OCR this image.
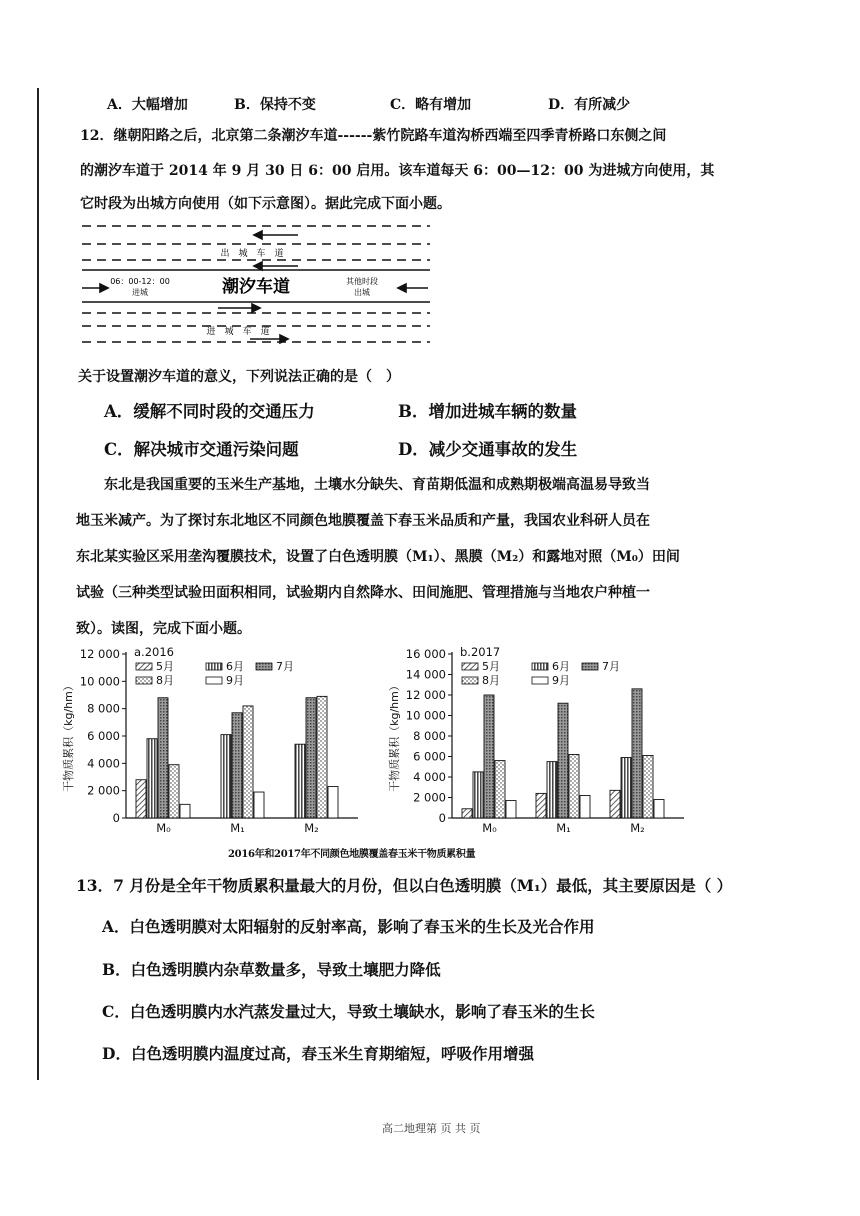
A．大幅增加	B．保持不变	C．略有增加	D．有所减少
12．继朝阳路之后，北京第二条潮汐车道------紫竹院路车道沟桥西端至四季青桥路口东侧之间
的潮汐车道于 2014 年 9 月 30 日 6：00 启用。该车道每天 6：00—12：00 为进城方向使用，其
它时段为出城方向使用（如下示意图）。据此完成下面小题。
出　城　车　道
潮汐车道
06：00-12：00
进城
其他时段
出城
进　城　车　道
关于设置潮汐车道的意义，下列说法正确的是（　）
A．缓解不同时段的交通压力	B．增加进城车辆的数量
C．解决城市交通污染问题	D．减少交通事故的发生
东北是我国重要的玉米生产基地，土壤水分缺失、育苗期低温和成熟期极端高温易导致当
地玉米减产。为了探讨东北地区不同颜色地膜覆盖下春玉米品质和产量，我国农业科研人员在
东北某实验区采用垄沟覆膜技术，设置了白色透明膜（M₁）、黑膜（M₂）和露地对照（M₀）田间
试验（三种类型试验田面积相同，试验期内自然降水、田间施肥、管理措施与当地农户种植一
致）。读图，完成下面小题。
0
2 000
4 000
6 000
8 000
10 000
12 000
干物质累积（kg/hm）
a.2016
5月	6月	7月
8月	9月
M₀	M₁	M₂
0
2 000
4 000
6 000
8 000
10 000
12 000
14 000
16 000
干物质累积（kg/hm）
b.2017
5月	6月	7月
8月	9月
M₀	M₁	M₂
2016年和2017年不同颜色地膜覆盖春玉米干物质累积量
13．7 月份是全年干物质累积量最大的月份，但以白色透明膜（M₁）最低，其主要原因是（ ）
A．白色透明膜对太阳辐射的反射率高，影响了春玉米的生长及光合作用
B．白色透明膜内杂草数量多，导致土壤肥力降低
C．白色透明膜内水汽蒸发量过大，导致土壤缺水，影响了春玉米的生长
D．白色透明膜内温度过高，春玉米生育期缩短，呼吸作用增强
高二地理第 页 共 页
